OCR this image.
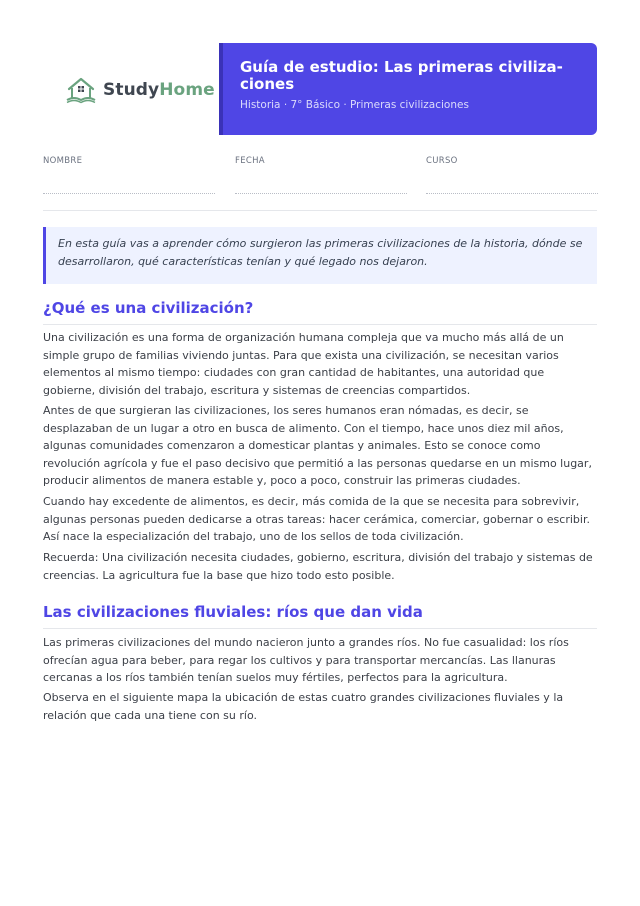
StudyHome
Guía de estudio: Las primeras civiliza-ciones
Historia · 7° Básico · Primeras civilizaciones
NOMBRE	FECHA	CURSO
En esta guía vas a aprender cómo surgieron las primeras civilizaciones de la historia, dónde se desarrollaron, qué características tenían y qué legado nos dejaron.
¿Qué es una civilización?
Una civilización es una forma de organización humana compleja que va mucho más allá de un simple grupo de familias viviendo juntas. Para que exista una civilización, se necesitan varios elementos al mismo tiempo: ciudades con gran cantidad de habitantes, una autoridad que gobierne, división del trabajo, escritura y sistemas de creencias compartidos.
Antes de que surgieran las civilizaciones, los seres humanos eran nómadas, es decir, se desplazaban de un lugar a otro en busca de alimento. Con el tiempo, hace unos diez mil años, algunas comunidades comenzaron a domesticar plantas y animales. Esto se conoce como revolución agrícola y fue el paso decisivo que permitió a las personas quedarse en un mismo lugar, producir alimentos de manera estable y, poco a poco, construir las primeras ciudades.
Cuando hay excedente de alimentos, es decir, más comida de la que se necesita para sobrevivir, algunas personas pueden dedicarse a otras tareas: hacer cerámica, comerciar, gobernar o escribir. Así nace la especialización del trabajo, uno de los sellos de toda civilización.
Recuerda: Una civilización necesita ciudades, gobierno, escritura, división del trabajo y sistemas de creencias. La agricultura fue la base que hizo todo esto posible.
Las civilizaciones fluviales: ríos que dan vida
Las primeras civilizaciones del mundo nacieron junto a grandes ríos. No fue casualidad: los ríos ofrecían agua para beber, para regar los cultivos y para transportar mercancías. Las llanuras cercanas a los ríos también tenían suelos muy fértiles, perfectos para la agricultura.
Observa en el siguiente mapa la ubicación de estas cuatro grandes civilizaciones fluviales y la relación que cada una tiene con su río.
